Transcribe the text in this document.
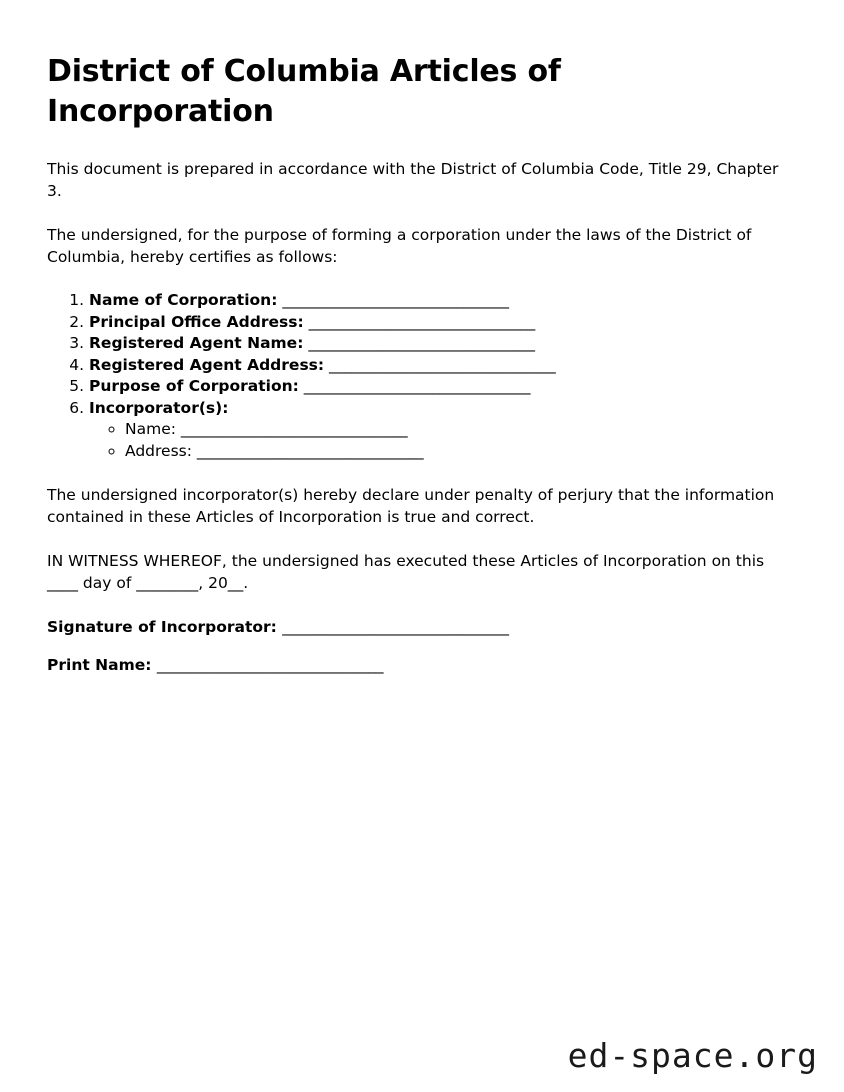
District of Columbia Articles of Incorporation

This document is prepared in accordance with the District of Columbia Code, Title 29, Chapter 3.

The undersigned, for the purpose of forming a corporation under the laws of the District of Columbia, hereby certifies as follows:

1. Name of Corporation: ______________________________
2. Principal Office Address: ______________________________
3. Registered Agent Name: ______________________________
4. Registered Agent Address: ______________________________
5. Purpose of Corporation: ______________________________
6. Incorporator(s):
◦ Name: ______________________________
◦ Address: ______________________________

The undersigned incorporator(s) hereby declare under penalty of perjury that the information contained in these Articles of Incorporation is true and correct.

IN WITNESS WHEREOF, the undersigned has executed these Articles of Incorporation on this ____ day of ________, 20__.

Signature of Incorporator: ______________________________

Print Name: ______________________________

ed-space.org
